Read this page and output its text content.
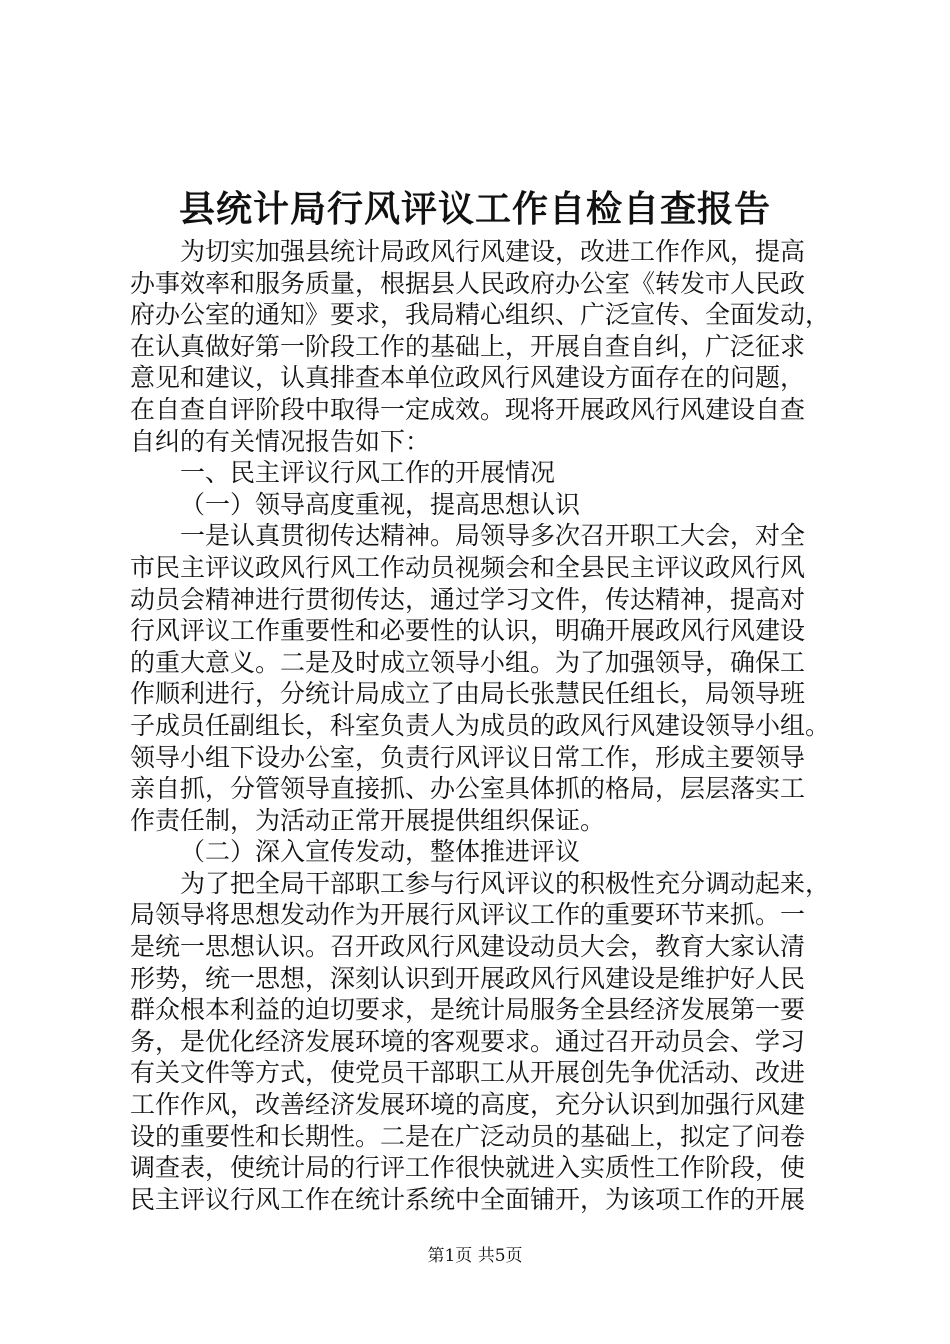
县统计局行风评议工作自检自查报告
为切实加强县统计局政风行风建设，改进工作作风，提高
办事效率和服务质量，根据县人民政府办公室《转发市人民政
府办公室的通知》要求，我局精心组织、广泛宣传、全面发动，
在认真做好第一阶段工作的基础上，开展自查自纠，广泛征求
意见和建议，认真排查本单位政风行风建设方面存在的问题，
在自查自评阶段中取得一定成效。现将开展政风行风建设自查
自纠的有关情况报告如下：
一、民主评议行风工作的开展情况
（一）领导高度重视，提高思想认识
一是认真贯彻传达精神。局领导多次召开职工大会，对全
市民主评议政风行风工作动员视频会和全县民主评议政风行风
动员会精神进行贯彻传达，通过学习文件，传达精神，提高对
行风评议工作重要性和必要性的认识，明确开展政风行风建设
的重大意义。二是及时成立领导小组。为了加强领导，确保工
作顺利进行，分统计局成立了由局长张慧民任组长，局领导班
子成员任副组长，科室负责人为成员的政风行风建设领导小组。
领导小组下设办公室，负责行风评议日常工作，形成主要领导
亲自抓，分管领导直接抓、办公室具体抓的格局，层层落实工
作责任制，为活动正常开展提供组织保证。
（二）深入宣传发动，整体推进评议
为了把全局干部职工参与行风评议的积极性充分调动起来，
局领导将思想发动作为开展行风评议工作的重要环节来抓。一
是统一思想认识。召开政风行风建设动员大会，教育大家认清
形势，统一思想，深刻认识到开展政风行风建设是维护好人民
群众根本利益的迫切要求，是统计局服务全县经济发展第一要
务，是优化经济发展环境的客观要求。通过召开动员会、学习
有关文件等方式，使党员干部职工从开展创先争优活动、改进
工作作风，改善经济发展环境的高度，充分认识到加强行风建
设的重要性和长期性。二是在广泛动员的基础上，拟定了问卷
调查表，使统计局的行评工作很快就进入实质性工作阶段，使
民主评议行风工作在统计系统中全面铺开，为该项工作的开展
第1页 共5页
